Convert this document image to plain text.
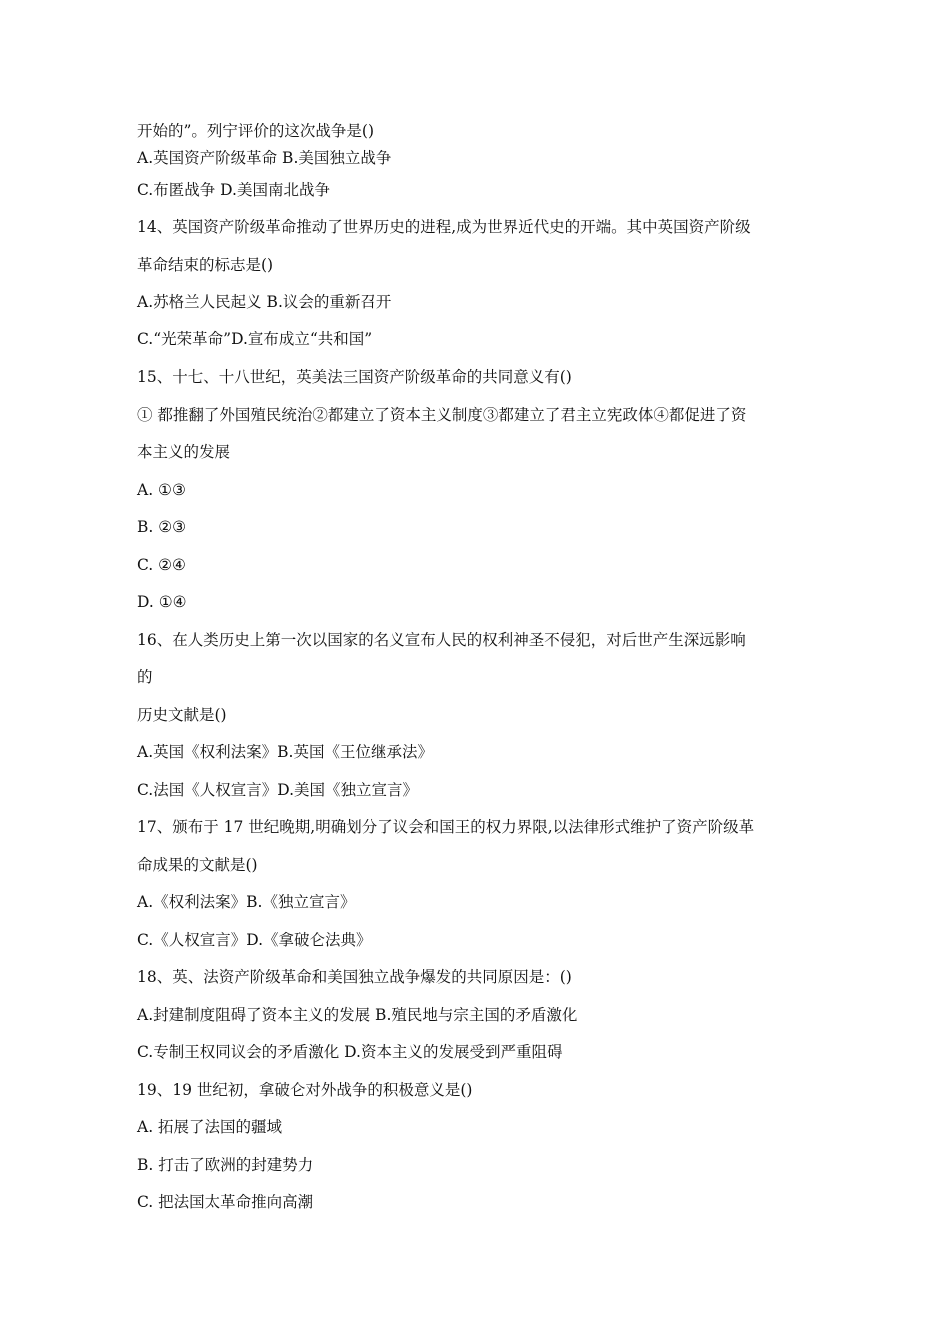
开始的”。列宁评价的这次战争是()
A.英国资产阶级革命 B.美国独立战争
C.布匿战争 D.美国南北战争
14、英国资产阶级革命推动了世界历史的进程,成为世界近代史的开端。其中英国资产阶级
革命结束的标志是()
A.苏格兰人民起义 B.议会的重新召开
C.“光荣革命”D.宣布成立“共和国”
15、十七、十八世纪，英美法三国资产阶级革命的共同意义有()
① 都推翻了外国殖民统治②都建立了资本主义制度③都建立了君主立宪政体④都促进了资
本主义的发展
A. ①③
B. ②③
C. ②④
D. ①④
16、在人类历史上第一次以国家的名义宣布人民的权利神圣不侵犯，对后世产生深远影响
的
历史文献是()
A.英国《权利法案》B.英国《王位继承法》
C.法国《人权宣言》D.美国《独立宣言》
17、颁布于 17 世纪晚期,明确划分了议会和国王的权力界限,以法律形式维护了资产阶级革
命成果的文献是()
A.《权利法案》B.《独立宣言》
C.《人权宣言》D.《拿破仑法典》
18、英、法资产阶级革命和美国独立战争爆发的共同原因是：()
A.封建制度阻碍了资本主义的发展 B.殖民地与宗主国的矛盾激化
C.专制王权同议会的矛盾激化 D.资本主义的发展受到严重阻碍
19、19 世纪初，拿破仑对外战争的积极意义是()
A. 拓展了法国的疆域
B. 打击了欧洲的封建势力
C. 把法国太革命推向高潮
